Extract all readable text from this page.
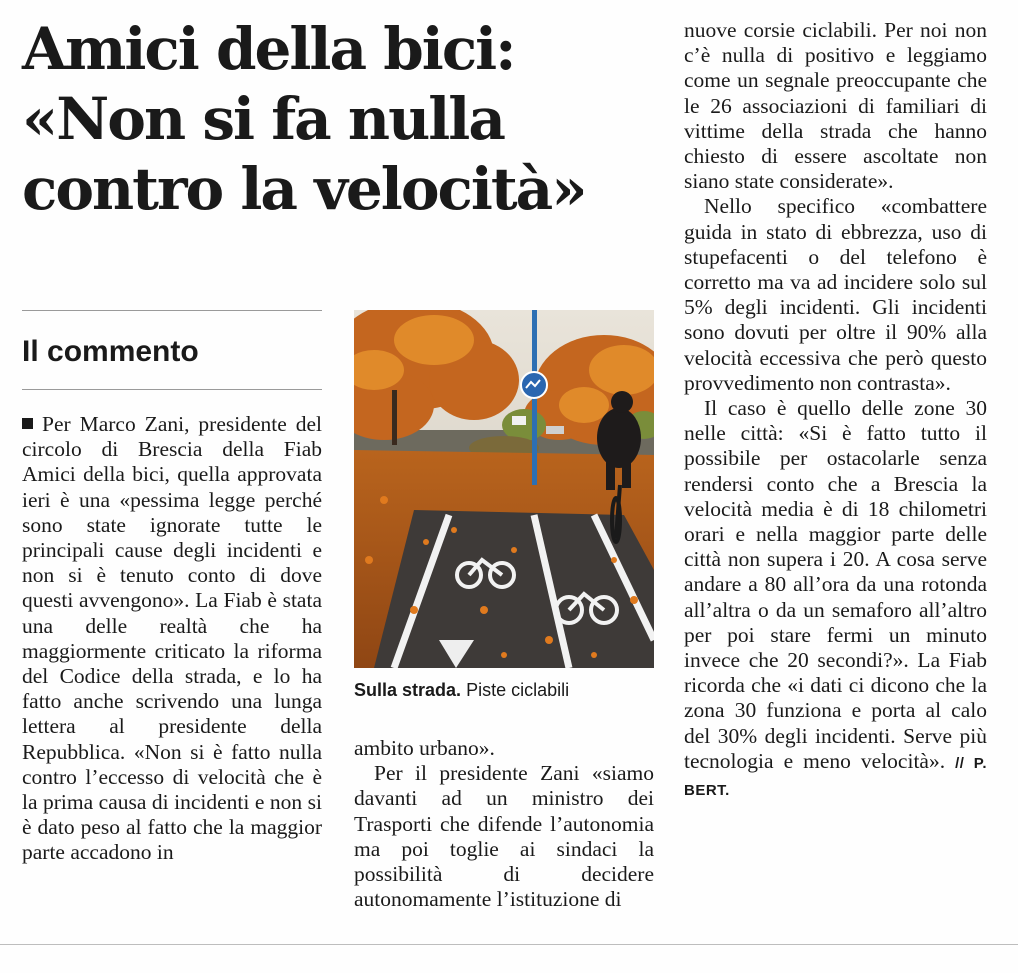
Amici della bici:
«Non si fa nulla
contro la velocità»
Il commento

Per Marco Zani, presidente del circolo di Brescia della Fiab Amici della bici, quella approvata ieri è una «pessima legge perché sono state ignorate tutte le principali cause degli incidenti e non si è tenuto conto di dove questi avvengono». La Fiab è stata una delle realtà che ha maggiormente criticato la riforma del Codice della strada, e lo ha fatto anche scrivendo una lunga lettera al presidente della Repubblica. «Non si è fatto nulla contro l’eccesso di velocità che è la prima causa di incidenti e non si è dato peso al fatto che la maggior parte accadono in

Sulla strada. Piste ciclabili

ambito urbano».

Per il presidente Zani «siamo davanti ad un ministro dei Trasporti che difende l’autonomia ma poi toglie ai sindaci la possibilità di decidere autonomamente l’istituzione di

nuove corsie ciclabili. Per noi non c’è nulla di positivo e leggiamo come un segnale preoccupante che le 26 associazioni di familiari di vittime della strada che hanno chiesto di essere ascoltate non siano state considerate».

Nello specifico «combattere guida in stato di ebbrezza, uso di stupefacenti o del telefono è corretto ma va ad incidere solo sul 5% degli incidenti. Gli incidenti sono dovuti per oltre il 90% alla velocità eccessiva che però questo provvedimento non contrasta».

Il caso è quello delle zone 30 nelle città: «Si è fatto tutto il possibile per ostacolarle senza rendersi conto che a Brescia la velocità media è di 18 chilometri orari e nella maggior parte delle città non supera i 20. A cosa serve andare a 80 all’ora da una rotonda all’altra o da un semaforo all’altro per poi stare fermi un minuto invece che 20 secondi?». La Fiab ricorda che «i dati ci dicono che la zona 30 funziona e porta al calo del 30% degli incidenti. Serve più tecnologia e meno velocità». // P. BERT.
